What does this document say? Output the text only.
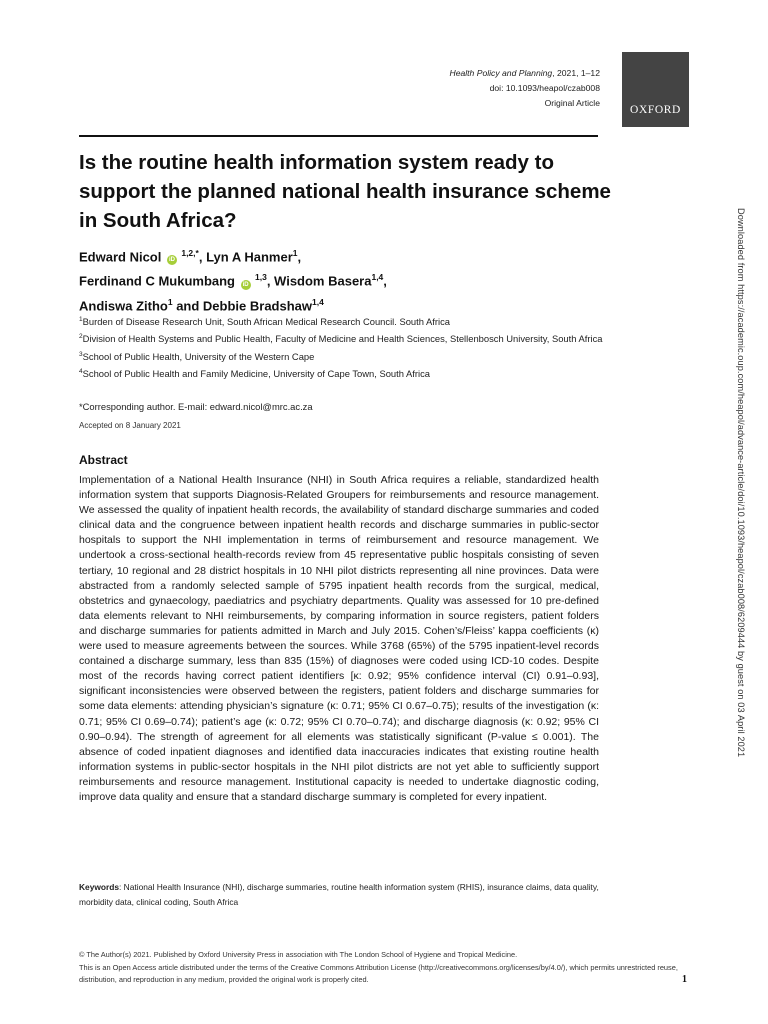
Health Policy and Planning, 2021, 1–12
doi: 10.1093/heapol/czab008
Original Article
OXFORD
Is the routine health information system ready to support the planned national health insurance scheme in South Africa?
Edward Nicol iD $^{1,2,*}$, Lyn A Hanmer$^1$,
Ferdinand C Mukumbang iD $^{1,3}$, Wisdom Basera$^{1,4}$,
Andiswa Zitho$^1$ and Debbie Bradshaw$^{1,4}$
$^1$Burden of Disease Research Unit, South African Medical Research Council. South Africa
$^2$Division of Health Systems and Public Health, Faculty of Medicine and Health Sciences, Stellenbosch University, South Africa
$^3$School of Public Health, University of the Western Cape
$^4$School of Public Health and Family Medicine, University of Cape Town, South Africa
*Corresponding author. E-mail: edward.nicol@mrc.ac.za
Accepted on 8 January 2021
Abstract

Implementation of a National Health Insurance (NHI) in South Africa requires a reliable, standardized health information system that supports Diagnosis-Related Groupers for reimbursements and resource management. We assessed the quality of inpatient health records, the availability of standard discharge summaries and coded clinical data and the congruence between inpatient health records and discharge summaries in public-sector hospitals to support the NHI implementation in terms of reimbursement and resource management. We undertook a cross-sectional health-records review from 45 representative public hospitals consisting of seven tertiary, 10 regional and 28 district hospitals in 10 NHI pilot districts representing all nine provinces. Data were abstracted from a randomly selected sample of 5795 inpatient health records from the surgical, medical, obstetrics and gynaecology, paediatrics and psychiatry departments. Quality was assessed for 10 pre-defined data elements relevant to NHI reimbursements, by comparing information in source registers, patient folders and discharge summaries for patients admitted in March and July 2015. Cohen’s/Fleiss’ kappa coefficients (κ) were used to measure agreements between the sources. While 3768 (65%) of the 5795 inpatient-level records contained a discharge summary, less than 835 (15%) of diagnoses were coded using ICD-10 codes. Despite most of the records having correct patient identifiers [κ: 0.92; 95% confidence interval (CI) 0.91–0.93], significant inconsistencies were observed between the registers, patient folders and discharge summaries for some data elements: attending physician’s signature (κ: 0.71; 95% CI 0.67–0.75); results of the investigation (κ: 0.71; 95% CI 0.69–0.74); patient’s age (κ: 0.72; 95% CI 0.70–0.74); and discharge diagnosis (κ: 0.92; 95% CI 0.90–0.94). The strength of agreement for all elements was statistically significant (P-value ≤ 0.001). The absence of coded inpatient diagnoses and identified data inaccuracies indicates that existing routine health information systems in public-sector hospitals in the NHI pilot districts are not yet able to sufficiently support reimbursements and resource management. Institutional capacity is needed to undertake diagnostic coding, improve data quality and ensure that a standard discharge summary is completed for every inpatient.

Keywords: National Health Insurance (NHI), discharge summaries, routine health information system (RHIS), insurance claims, data quality, morbidity data, clinical coding, South Africa
© The Author(s) 2021. Published by Oxford University Press in association with The London School of Hygiene and Tropical Medicine.
This is an Open Access article distributed under the terms of the Creative Commons Attribution License (http://creativecommons.org/licenses/by/4.0/), which permits unrestricted reuse, distribution, and reproduction in any medium, provided the original work is properly cited.	1
Downloaded from https://academic.oup.com/heapol/advance-article/doi/10.1093/heapol/czab008/6209444 by guest on 03 April 2021
